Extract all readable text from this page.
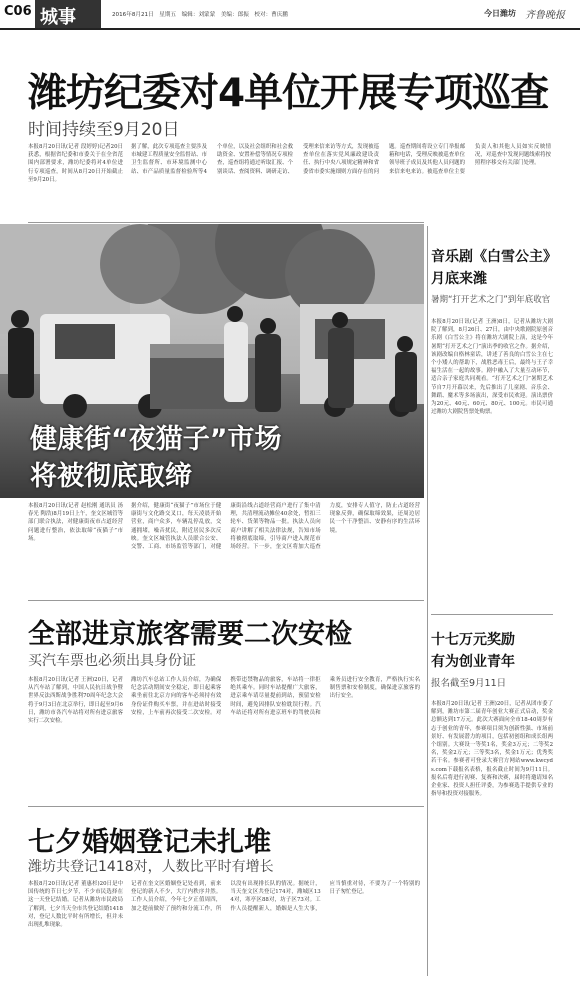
C06 城事	2016年8月21日　星期五　编辑：刘蒙蒙　美编：郎振　校对：曹庆鹏	今日潍坊 齐鲁晚报
潍坊纪委对4单位开展专项巡查
时间持续至9月20日
本报8月20日讯(记者 段婷婷)记者20日获悉，根据省纪委和市委关于在全省范围内部署要求，潍坊纪委将对4单位进行专项巡查，时间从8月20日开始截止至9月20日。
据了解，此次专项巡查主要涉及市城建工程质量安全监督站、市卫生监督所、市环境监测中心站、市产品质量监督检验所等4个单位，以及社会组织和社会救助资金、安置补偿等情况专项检查，巡查组将通过听取汇报、个别谈话、查阅资料、调研走访、受理来信来访等方式，发现被巡查单位在落实党风廉政建设责任、执行中央八项规定精神和省委省市委实施细则方面存在的问题。巡查期间将设立专门举报邮箱和电话，受理反映被巡查单位领导班子成员及其他人员问题的来信来电来访。被巡查单位主要负责人和其他人员如实反映情况，对巡查中发现问题线索将按照程序移交有关部门处理。
健康街“夜猫子”市场
将被彻底取缔
本报8月20日讯(记者 赵松刚 通讯员 汤春光 陶浩)8月19日上午，奎文区城管等部门联合执法，对健康街夜市占道经营问题进行整治，依法取缔“夜猫子”市场。
据介绍，健康街“夜猫子”市场位于健康街与文化路交叉口，每天凌晨开始营业，商户众多，车辆乱停乱放，交通拥堵，噪音扰民，附近居民多次反映。奎文区城管执法人员联合公安、交警、工商、市场监管等部门，对健康街沿线占道经营商户进行了集中清理，共清理流动摊位40余处，暂扣三轮车、货架等物品一批。执法人员向商户讲解了相关法律法规，告知市场将被彻底取缔，引导商户进入规范市场经营。下一步，奎文区将加大巡查力度，安排专人值守，防止占道经营现象反弹，确保取缔效果，还周边居民一个干净整洁、安静有序的生活环境。
全部进京旅客需要二次安检
买汽车票也必须出具身份证
本报8月20日讯(记者 王洲)20日，记者从汽车站了解到，中国人民抗日战争暨世界反法西斯战争胜利70周年纪念大会将于9月3日在北京举行，即日起至9月6日，潍坊市各汽车站将对所有进京旅客实行二次安检。
潍坊汽车总站工作人员介绍，为确保纪念活动期间安全稳定，即日起乘客乘坐前往北京方向的客车必须持有效身份证件购买车票，并在进站时接受安检，上车前再次接受二次安检。对携带违禁物品的旅客，车站将一律拒绝其乘车。同时车站提醒广大旅客，进京乘车请尽量提前到站，预留安检时间，避免因排队安检耽误行程。汽车站还将对所有进京班车的驾驶员和乘务员进行安全教育，严格执行实名制售票和安检制度，确保进京旅客的出行安全。
七夕婚姻登记未扎堆
潍坊共登记1418对，人数比平时有增长
本报8月20日讯(记者 董惠杉)20日是中国传统的节日七夕节，不少市民选择在这一天登记结婚。记者从潍坊市民政局了解到，七夕当天全市共登记结婚1418对，登记人数比平时有所增长，但并未出现扎堆现象。
记者在奎文区婚姻登记处看到，前来登记的新人不少，大厅内秩序井然。工作人员介绍，今年七夕正值周四，加之提前做好了预约和分流工作，所以没有出现排长队的情况。据统计，当天奎文区共登记174对，潍城区134对，寒亭区88对，坊子区73对。工作人员提醒新人，婚姻是人生大事，应当慎重对待，不要为了一个特别的日子匆忙登记。
音乐剧《白雪公主》
月底来潍
暑期“打开艺术之门”到年底收官
本报8月20日讯(记者 王洲)8日，记者从潍坊大剧院了解到，8月26日、27日，由中央歌剧院原创音乐剧《白雪公主》将在潍坊大剧院上演，这是今年暑期“打开艺术之门”演出季的收官之作。据介绍，该剧改编自格林童话，讲述了善良的白雪公主在七个小矮人的帮助下，战胜恶毒王后，最终与王子幸福生活在一起的故事。剧中融入了大量互动环节，适合亲子家庭共同观看。“打开艺术之门”暑期艺术节自7月开幕以来，先后推出了儿童剧、音乐会、舞蹈、魔术等多场演出，深受市民欢迎。演出票价为20元、40元、60元、80元、100元。市民可通过潍坊大剧院售票处购票。
十七万元奖励
有为创业青年
报名截至9月11日
本报8月20日讯(记者 王洲)20日，记者从团市委了解到，潍坊市第二届青年创业大赛正式启动，奖金总额达到17万元。此次大赛面向全市18-40周岁有志于创业的青年，参赛项目须为创新性强、市场前景好、有发展潜力的项目，包括初创组和成长组两个组别。大赛设一等奖1名，奖金3万元；二等奖2名，奖金2万元；三等奖3名，奖金1万元；优秀奖若干名。参赛者可登录大赛官方网站www.kwcyds.com下载报名表格，报名截止时间为9月11日。报名后将进行初赛、复赛和决赛，届时将邀请知名企业家、投资人担任评委，为参赛选手提供专业的指导和投资对接服务。
